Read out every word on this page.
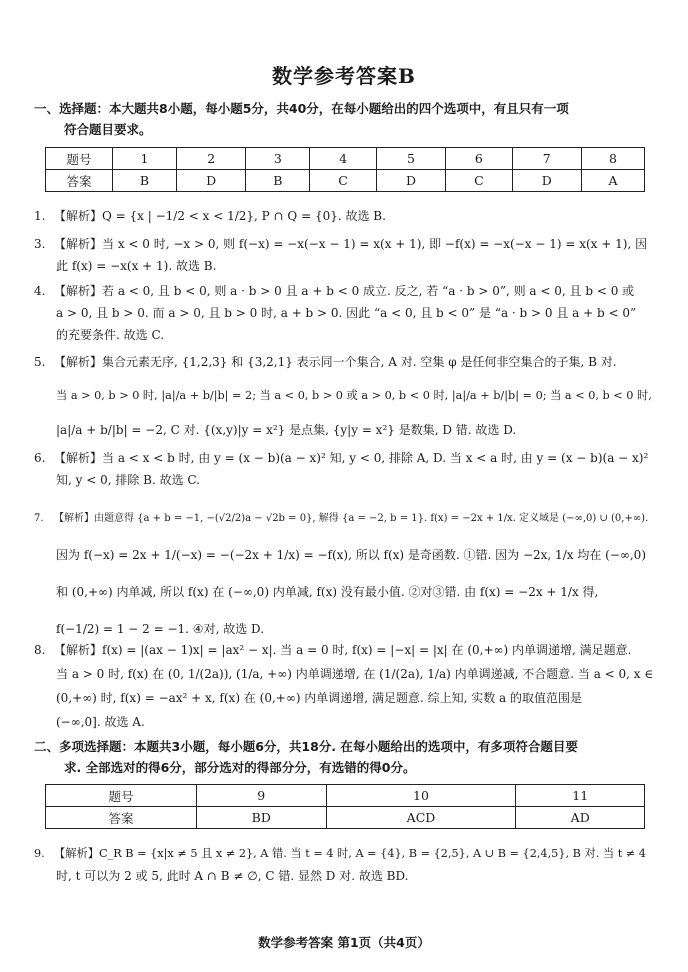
数学参考答案B
一、选择题：本大题共8小题，每小题5分，共40分，在每小题给出的四个选项中，有且只有一项
符合题目要求。
题号	1	2	3	4	5	6	7	8
答案	B	D	B	C	D	C	D	A
1. 【解析】Q = {x | −1/2 < x < 1/2}, P ∩ Q = {0}. 故选 B.
3. 【解析】当 x < 0 时, −x > 0, 则 f(−x) = −x(−x − 1) = x(x + 1), 即 −f(x) = −x(−x − 1) = x(x + 1), 因
此 f(x) = −x(x + 1). 故选 B.
4. 【解析】若 a < 0, 且 b < 0, 则 a · b > 0 且 a + b < 0 成立. 反之, 若 “a · b > 0”, 则 a < 0, 且 b < 0 或
a > 0, 且 b > 0. 而 a > 0, 且 b > 0 时, a + b > 0. 因此 “a < 0, 且 b < 0” 是 “a · b > 0 且 a + b < 0”
的充要条件. 故选 C.
5. 【解析】集合元素无序, {1,2,3} 和 {3,2,1} 表示同一个集合, A 对. 空集 φ 是任何非空集合的子集, B 对.
当 a > 0, b > 0 时, |a|/a + b/|b| = 2; 当 a < 0, b > 0 或 a > 0, b < 0 时, |a|/a + b/|b| = 0; 当 a < 0, b < 0 时,
|a|/a + b/|b| = −2, C 对. {(x,y)|y = x²} 是点集, {y|y = x²} 是数集, D 错. 故选 D.
6. 【解析】当 a < x < b 时, 由 y = (x − b)(a − x)² 知, y < 0, 排除 A, D. 当 x < a 时, 由 y = (x − b)(a − x)²
知, y < 0, 排除 B. 故选 C.
7. 【解析】由题意得 {a + b = −1, −(√2/2)a − √2b = 0}, 解得 {a = −2, b = 1}. f(x) = −2x + 1/x. 定义域是 (−∞,0) ∪ (0,+∞).
因为 f(−x) = 2x + 1/(−x) = −(−2x + 1/x) = −f(x), 所以 f(x) 是奇函数. ①错. 因为 −2x, 1/x 均在 (−∞,0)
和 (0,+∞) 内单减, 所以 f(x) 在 (−∞,0) 内单减, f(x) 没有最小值. ②对③错. 由 f(x) = −2x + 1/x 得,
f(−1/2) = 1 − 2 = −1. ④对, 故选 D.
8. 【解析】f(x) = |(ax − 1)x| = |ax² − x|. 当 a = 0 时, f(x) = |−x| = |x| 在 (0,+∞) 内单调递增, 满足题意.
当 a > 0 时, f(x) 在 (0, 1/(2a)), (1/a, +∞) 内单调递增, 在 (1/(2a), 1/a) 内单调递减, 不合题意. 当 a < 0, x ∈
(0,+∞) 时, f(x) = −ax² + x, f(x) 在 (0,+∞) 内单调递增, 满足题意. 综上知, 实数 a 的取值范围是
(−∞,0]. 故选 A.
二、多项选择题：本题共3小题，每小题6分，共18分. 在每小题给出的选项中，有多项符合题目要
求. 全部选对的得6分，部分选对的得部分分，有选错的得0分。
题号	9	10	11
答案	BD	ACD	AD
9. 【解析】C_R B = {x|x ≠ 5 且 x ≠ 2}, A 错. 当 t = 4 时, A = {4}, B = {2,5}, A ∪ B = {2,4,5}, B 对. 当 t ≠ 4
时, t 可以为 2 或 5, 此时 A ∩ B ≠ ∅, C 错. 显然 D 对. 故选 BD.
数学参考答案 第1页（共4页）
